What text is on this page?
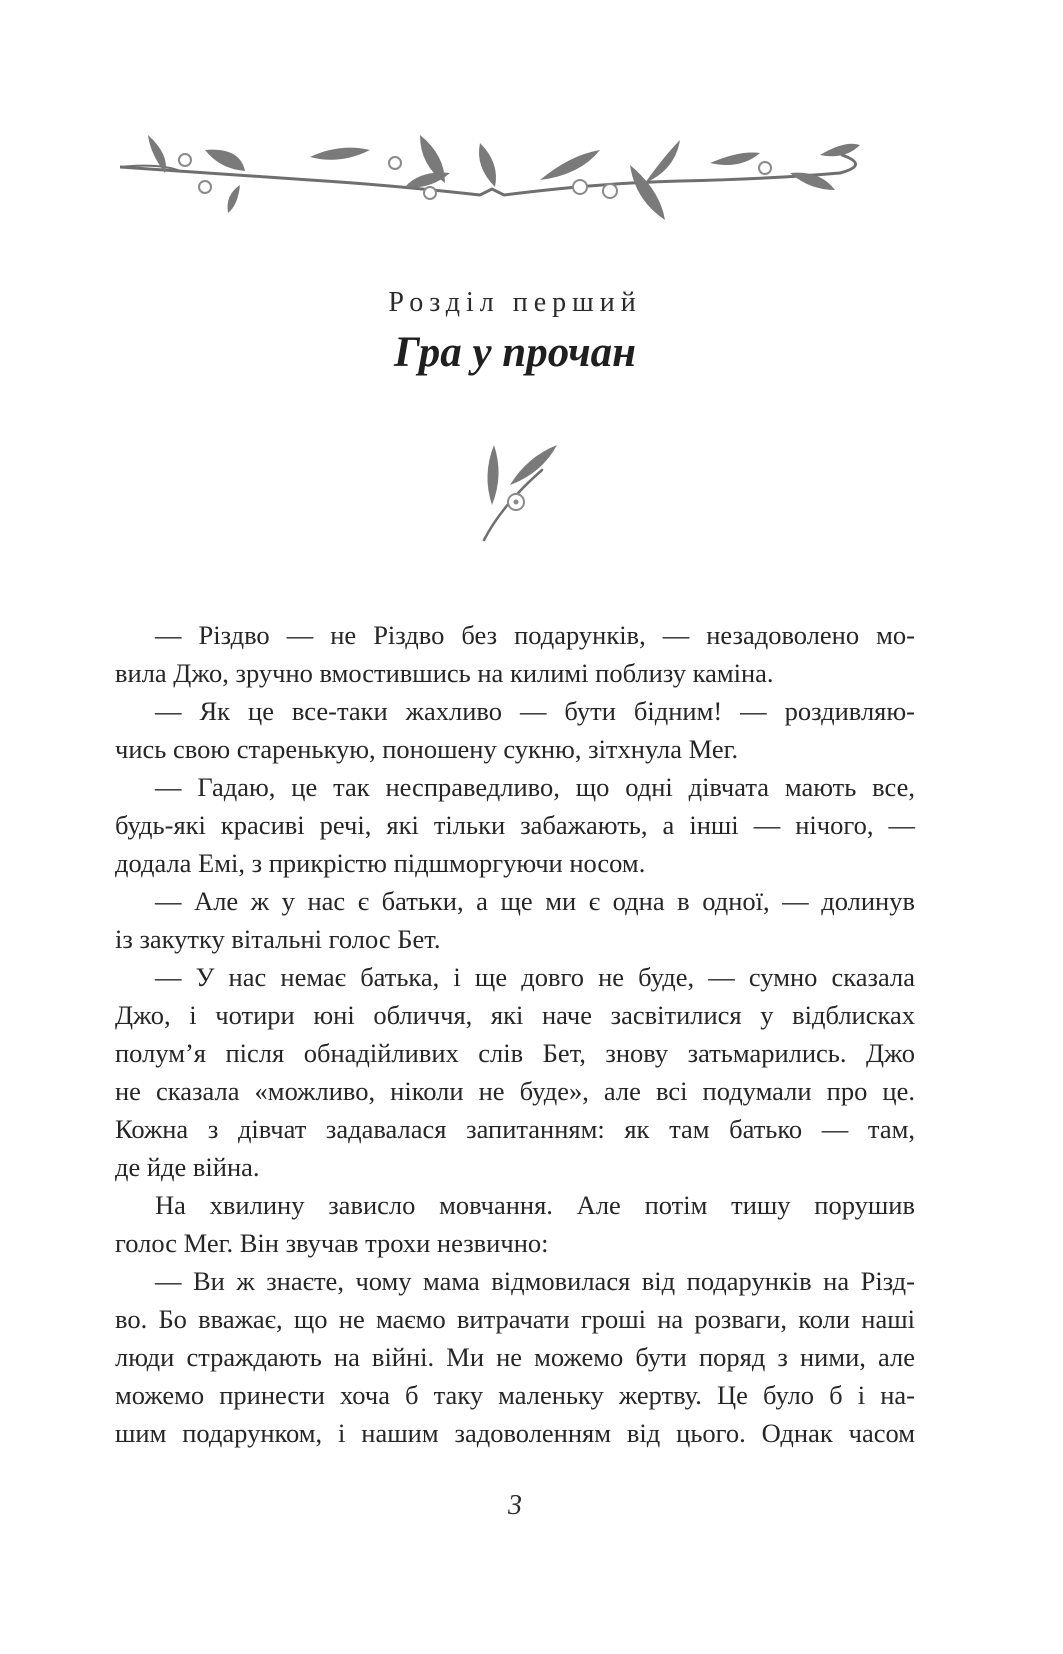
Розділ перший
Гра у прочан
— Різдво — не Різдво без подарунків, — незадоволено мо-
вила Джо, зручно вмостившись на килимі поблизу каміна.
— Як це все-таки жахливо — бути бідним! — роздивляю-
чись свою старенькую, поношену сукню, зітхнула Мег.
— Гадаю, це так несправедливо, що одні дівчата мають все,
будь-які красиві речі, які тільки забажають, а інші — нічого, —
додала Емі, з прикрістю підшморгуючи носом.
— Але ж у нас є батьки, а ще ми є одна в одної, — долинув
із закутку вітальні голос Бет.
— У нас немає батька, і ще довго не буде, — сумно сказала
Джо, і чотири юні обличчя, які наче засвітилися у відблисках
полум’я після обнадійливих слів Бет, знову затьмарились. Джо
не сказала «можливо, ніколи не буде», але всі подумали про це.
Кожна з дівчат задавалася запитанням: як там батько — там,
де йде війна.
На хвилину зависло мовчання. Але потім тишу порушив
голос Мег. Він звучав трохи незвично:
— Ви ж знаєте, чому мама відмовилася від подарунків на Різд-
во. Бо вважає, що не маємо витрачати гроші на розваги, коли наші
люди страждають на війні. Ми не можемо бути поряд з ними, але
можемо принести хоча б таку маленьку жертву. Це було б і на-
шим подарунком, і нашим задоволенням від цього. Однак часом
3
